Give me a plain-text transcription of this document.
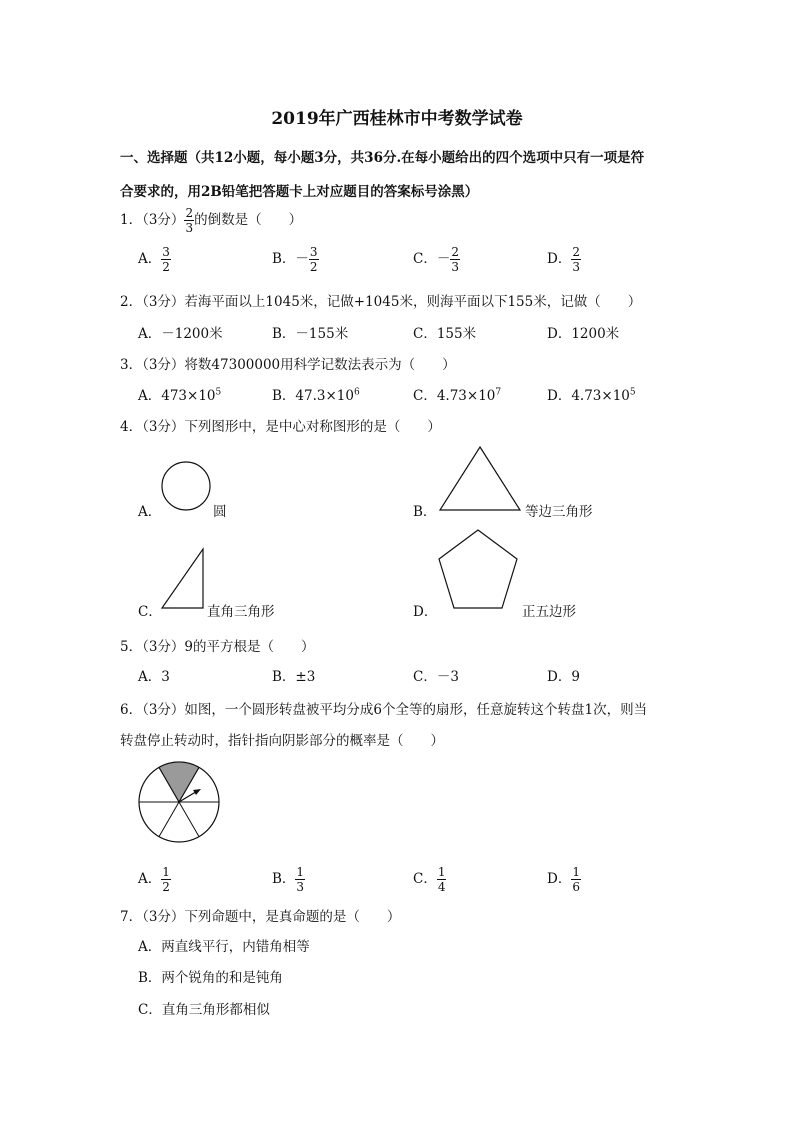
2019年广西桂林市中考数学试卷
一、选择题（共12小题，每小题3分，共36分.在每小题给出的四个选项中只有一项是符
合要求的，用2B铅笔把答题卡上对应题目的答案标号涂黑）
1．（3分） $\frac{2}{3}$ 的倒数是（　　）
A． $\frac{3}{2}$	B．－ $\frac{3}{2}$	C．－ $\frac{2}{3}$	D． $\frac{2}{3}$
2．（3分）若海平面以上1045米，记做+1045米，则海平面以下155米，记做（　　）
A．－1200米	B．－155米	C．155米	D．1200米
3．（3分）将数47300000用科学记数法表示为（　　）
A．$473\times 10^5$	B．$47.3\times 10^6$	C．$4.73\times 10^7$	D．$4.73\times 10^5$
4．（3分）下列图形中，是中心对称图形的是（　　）
A．	圆	B．	等边三角形
C．	直角三角形	D．	正五边形
5．（3分）9的平方根是（　　）
A．3	B．±3	C．－3	D．9
6．（3分）如图，一个圆形转盘被平均分成6个全等的扇形，任意旋转这个转盘1次，则当
转盘停止转动时，指针指向阴影部分的概率是（　　）
A． $\frac{1}{2}$	B． $\frac{1}{3}$	C． $\frac{1}{4}$	D． $\frac{1}{6}$
7．（3分）下列命题中，是真命题的是（　　）
A．两直线平行，内错角相等
B．两个锐角的和是钝角
C．直角三角形都相似
